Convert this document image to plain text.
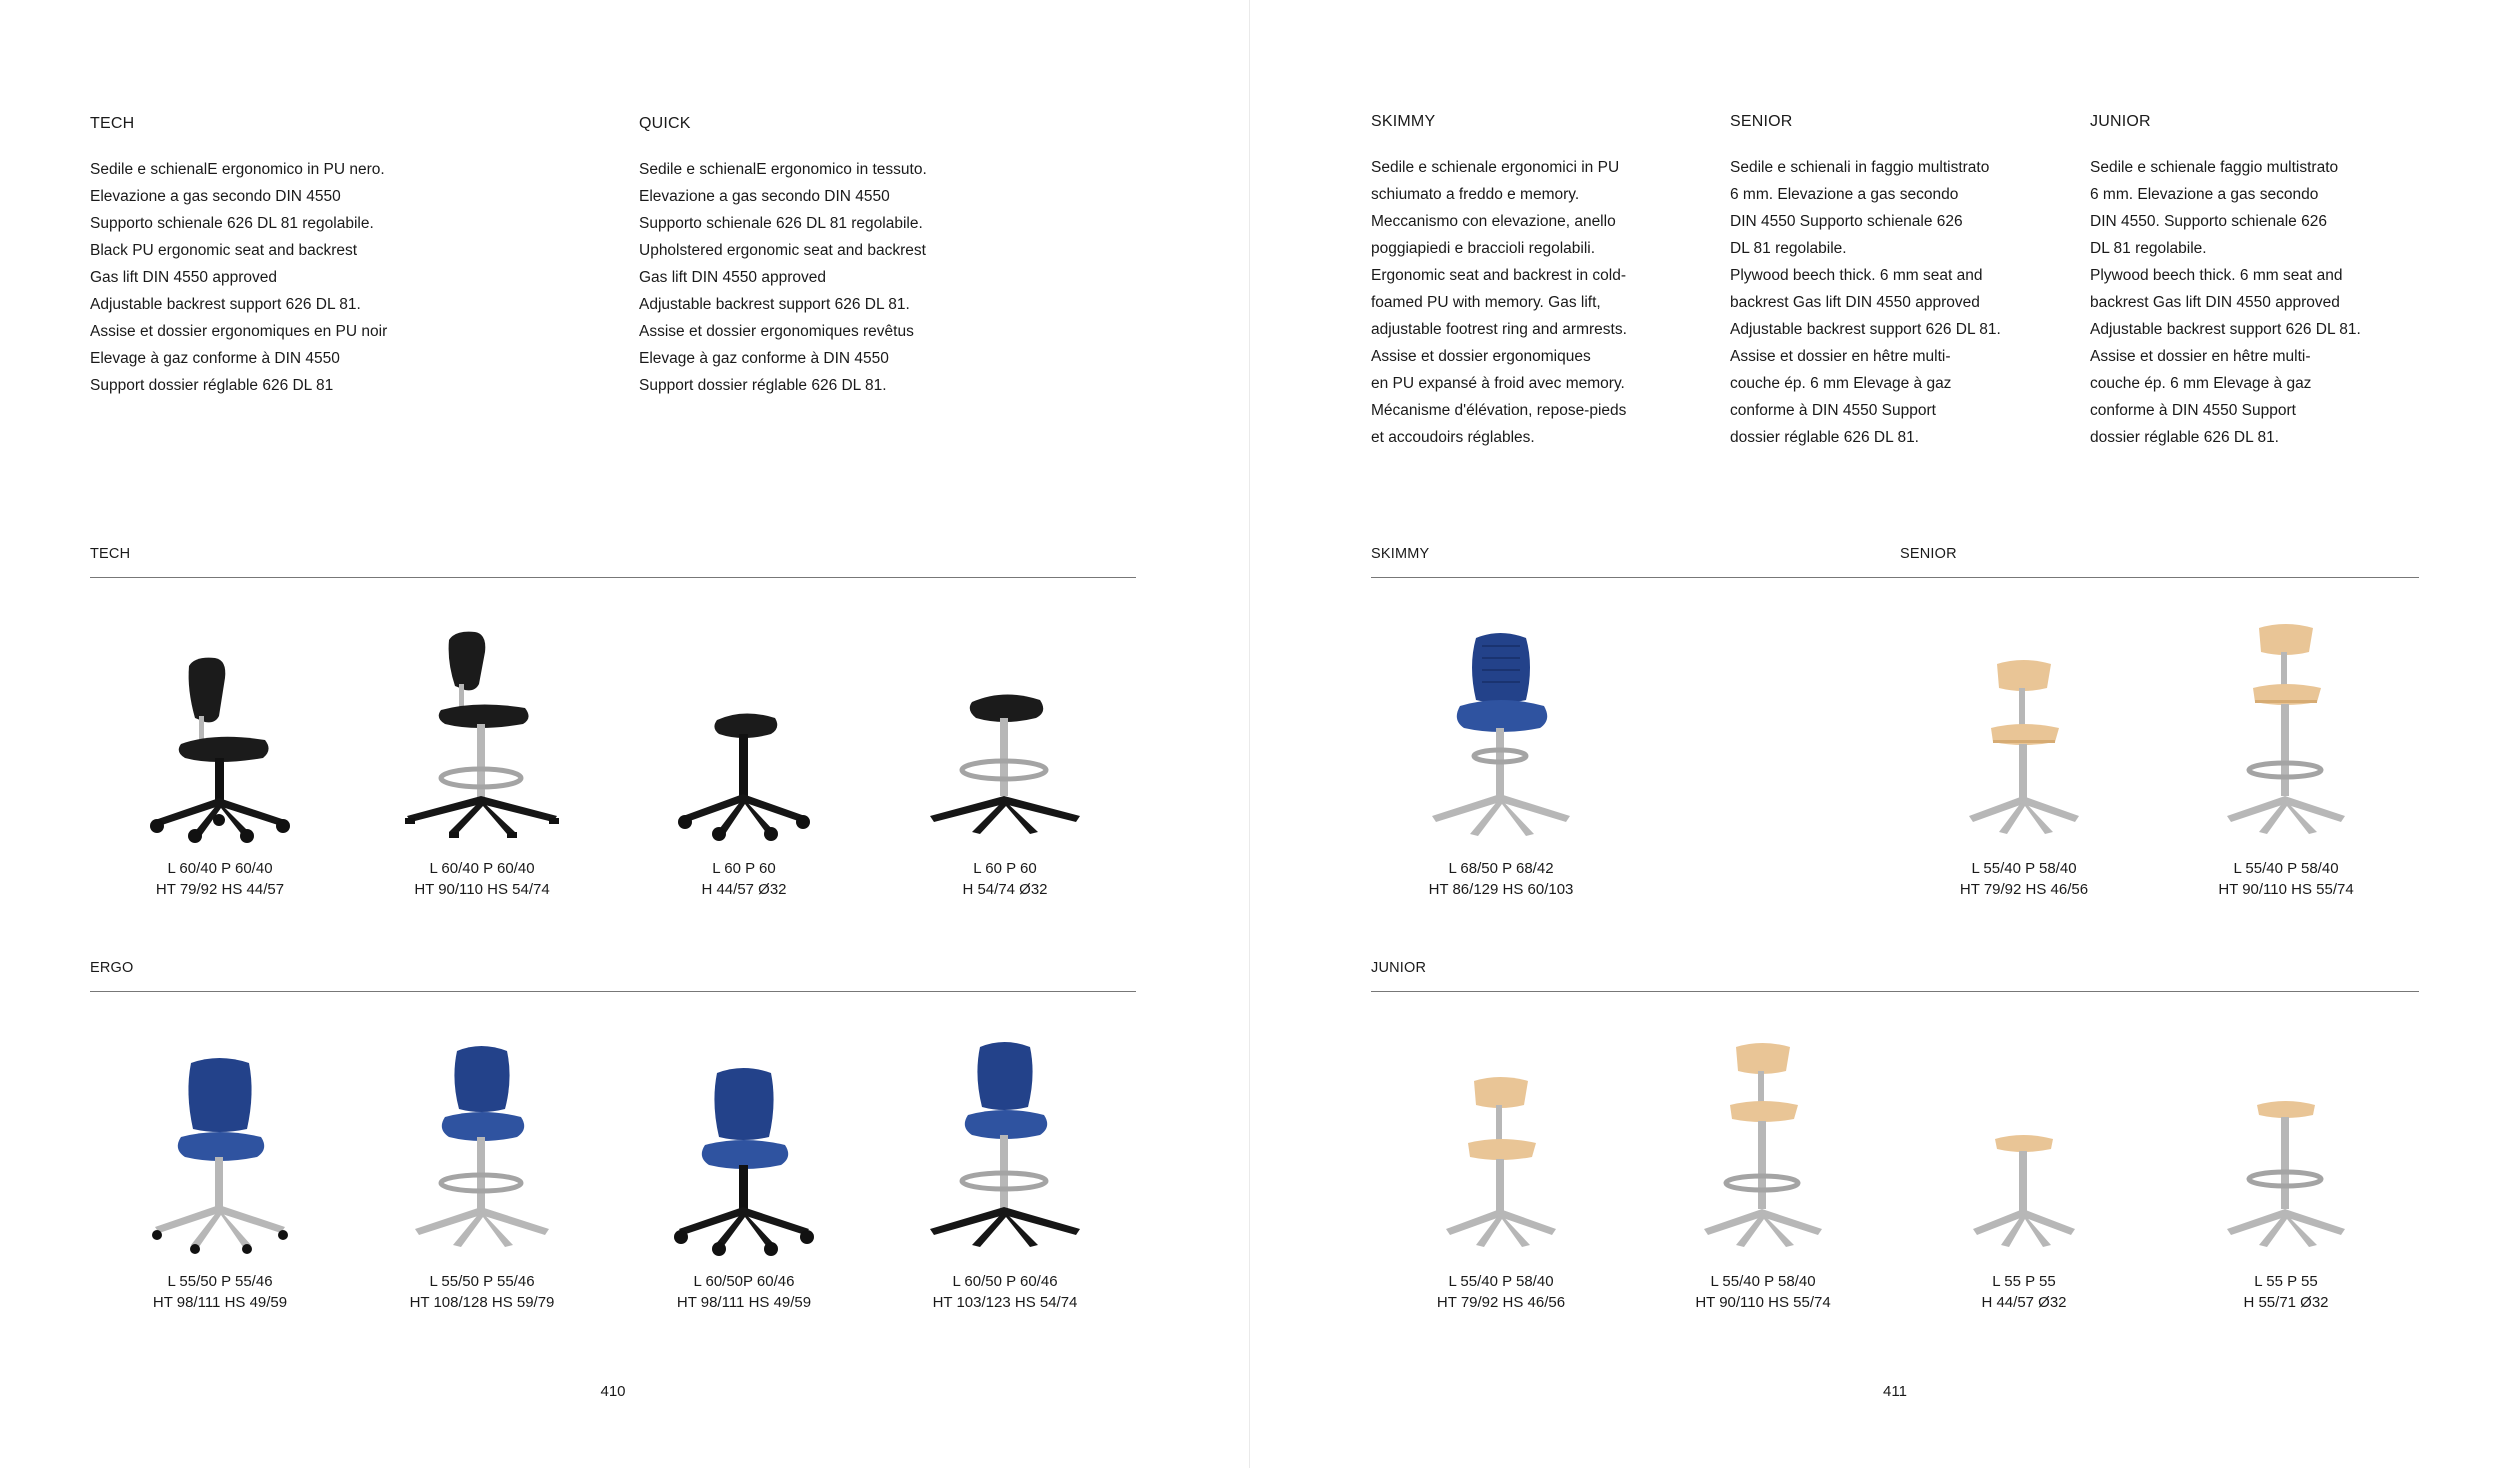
TECH
Sedile e schienalE ergonomico in PU nero.
Elevazione a gas secondo DIN 4550
Supporto schienale 626 DL 81 regolabile.
Black PU ergonomic seat and backrest
Gas lift DIN 4550 approved
Adjustable backrest support 626 DL 81.
Assise et dossier ergonomiques en PU noir
Elevage à gaz conforme à DIN 4550
Support dossier réglable 626 DL 81
QUICK
Sedile e schienalE ergonomico in tessuto.
Elevazione a gas secondo DIN 4550
Supporto schienale 626 DL 81 regolabile.
Upholstered ergonomic seat and backrest
Gas lift DIN 4550 approved
Adjustable backrest support 626 DL 81.
Assise et dossier ergonomiques revêtus
Elevage à gaz conforme à DIN 4550
Support dossier réglable 626 DL 81.
TECH
L 60/40 P 60/40
HT 79/92 HS 44/57
L 60/40 P 60/40
HT 90/110 HS 54/74
L 60 P 60
H 44/57 Ø32
L 60 P 60
H 54/74 Ø32
ERGO
L 55/50 P 55/46
HT 98/111 HS 49/59
L 55/50 P 55/46
HT 108/128 HS 59/79
L 60/50P 60/46
HT 98/111 HS 49/59
L 60/50 P 60/46
HT 103/123 HS 54/74
410
SKIMMY
Sedile e schienale ergonomici in PU
schiumato a freddo e memory.
Meccanismo con elevazione, anello
poggiapiedi e braccioli regolabili.
Ergonomic seat and backrest in cold-
foamed PU with memory. Gas lift,
adjustable footrest ring and armrests.
Assise et dossier ergonomiques
en PU expansé à froid avec memory.
Mécanisme d'élévation, repose-pieds
et accoudoirs réglables.
SENIOR
Sedile e schienali in faggio multistrato
6 mm. Elevazione a gas secondo
DIN 4550 Supporto schienale 626
DL 81 regolabile.
Plywood beech thick. 6 mm seat and
backrest Gas lift DIN 4550 approved
Adjustable backrest support 626 DL 81.
Assise et dossier en hêtre multi-
couche ép. 6 mm Elevage à gaz
conforme à DIN 4550 Support
dossier réglable 626 DL 81.
JUNIOR
Sedile e schienale faggio multistrato
6 mm. Elevazione a gas secondo
DIN 4550. Supporto schienale 626
DL 81 regolabile.
Plywood beech thick. 6 mm seat and
backrest Gas lift DIN 4550 approved
Adjustable backrest support 626 DL 81.
Assise et dossier en hêtre multi-
couche ép. 6 mm Elevage à gaz
conforme à DIN 4550 Support
dossier réglable 626 DL 81.
SKIMMY	SENIOR
L 68/50 P 68/42
HT 86/129 HS 60/103
L 55/40 P 58/40
HT 79/92 HS 46/56
L 55/40 P 58/40
HT 90/110 HS 55/74
JUNIOR
L 55/40 P 58/40
HT 79/92 HS 46/56
L 55/40 P 58/40
HT 90/110 HS 55/74
L 55 P 55
H 44/57 Ø32
L 55 P 55
H 55/71 Ø32
411
